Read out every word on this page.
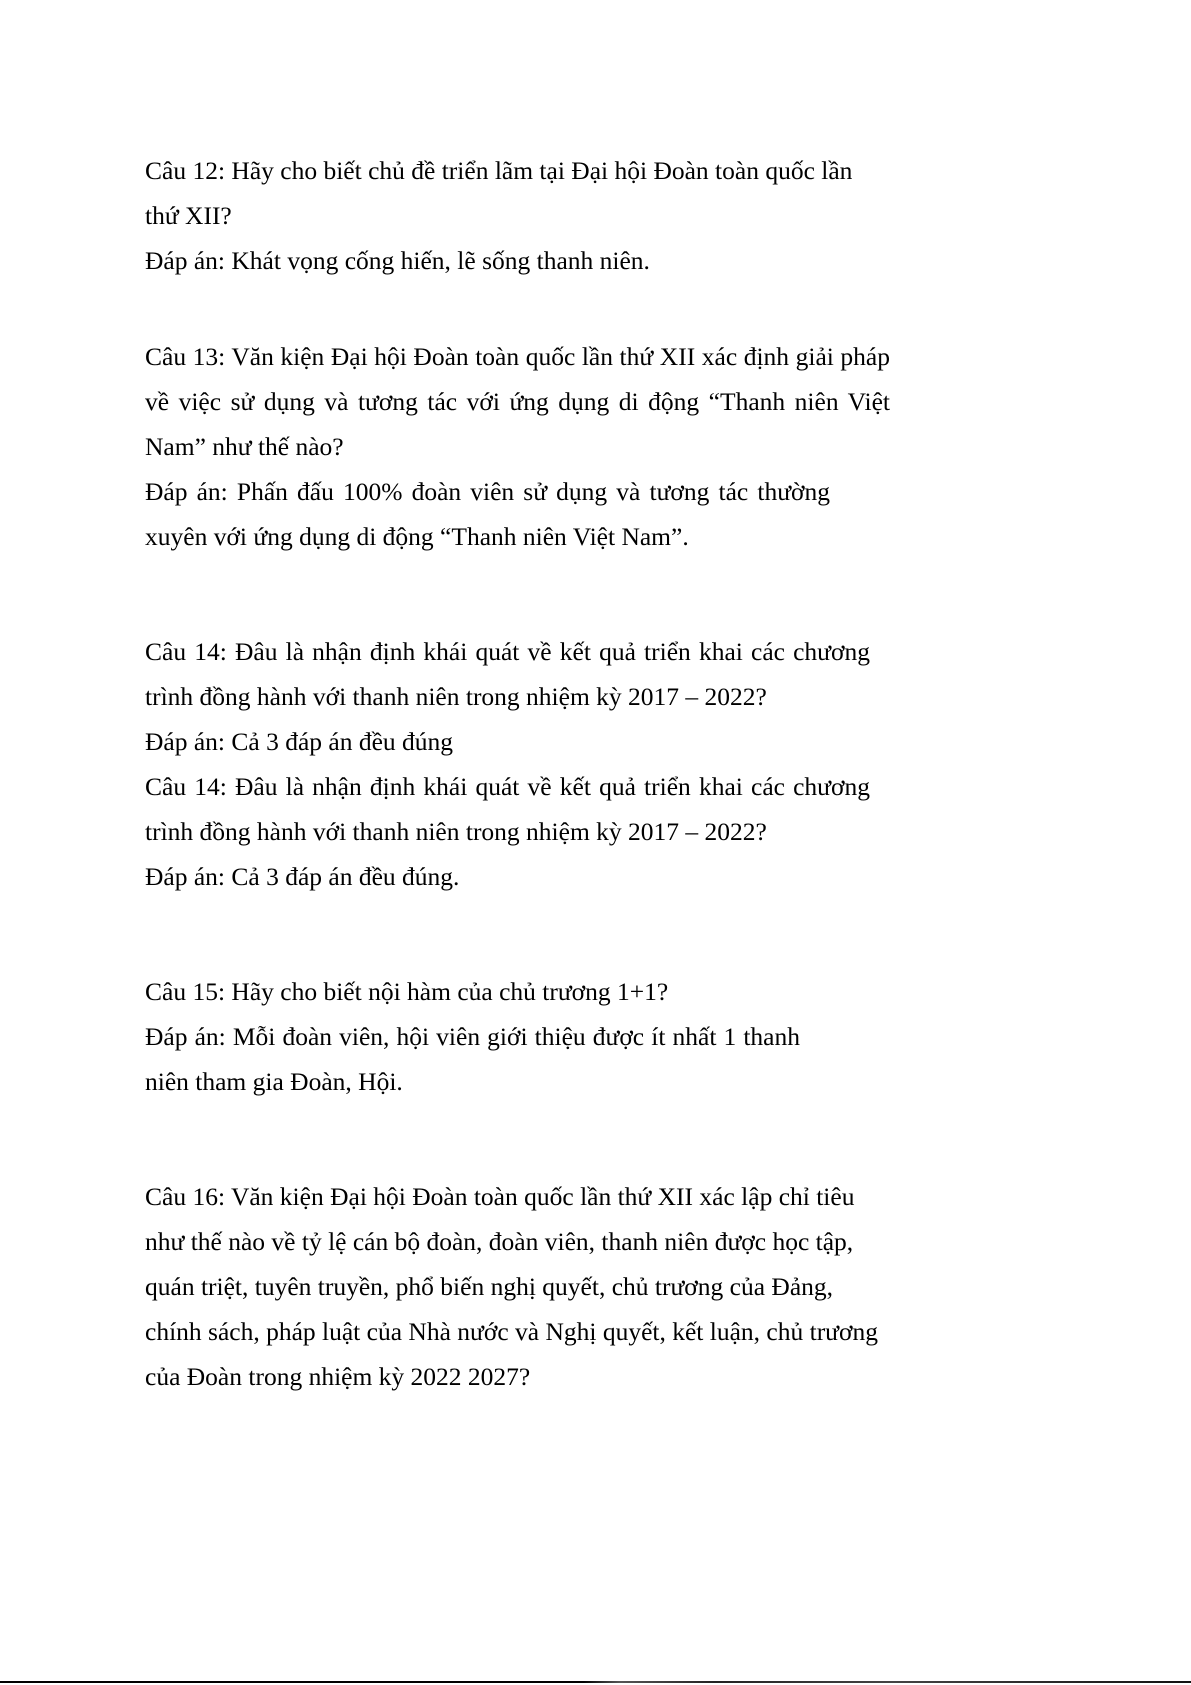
Câu 12: Hãy cho biết chủ đề triển lãm tại Đại hội Đoàn toàn quốc lần thứ XII?

Đáp án: Khát vọng cống hiến, lẽ sống thanh niên.

Câu 13: Văn kiện Đại hội Đoàn toàn quốc lần thứ XII xác định giải pháp về việc sử dụng và tương tác với ứng dụng di động “Thanh niên Việt Nam” như thế nào?

Đáp án: Phấn đấu 100% đoàn viên sử dụng và tương tác thường xuyên với ứng dụng di động “Thanh niên Việt Nam”.

Câu 14: Đâu là nhận định khái quát về kết quả triển khai các chương trình đồng hành với thanh niên trong nhiệm kỳ 2017 – 2022?

Đáp án: Cả 3 đáp án đều đúng

Câu 14: Đâu là nhận định khái quát về kết quả triển khai các chương trình đồng hành với thanh niên trong nhiệm kỳ 2017 – 2022?

Đáp án: Cả 3 đáp án đều đúng.

Câu 15: Hãy cho biết nội hàm của chủ trương 1+1?

Đáp án: Mỗi đoàn viên, hội viên giới thiệu được ít nhất 1 thanh niên tham gia Đoàn, Hội.

Câu 16: Văn kiện Đại hội Đoàn toàn quốc lần thứ XII xác lập chỉ tiêu như thế nào về tỷ lệ cán bộ đoàn, đoàn viên, thanh niên được học tập, quán triệt, tuyên truyền, phổ biến nghị quyết, chủ trương của Đảng, chính sách, pháp luật của Nhà nước và Nghị quyết, kết luận, chủ trương của Đoàn trong nhiệm kỳ 2022 2027?
